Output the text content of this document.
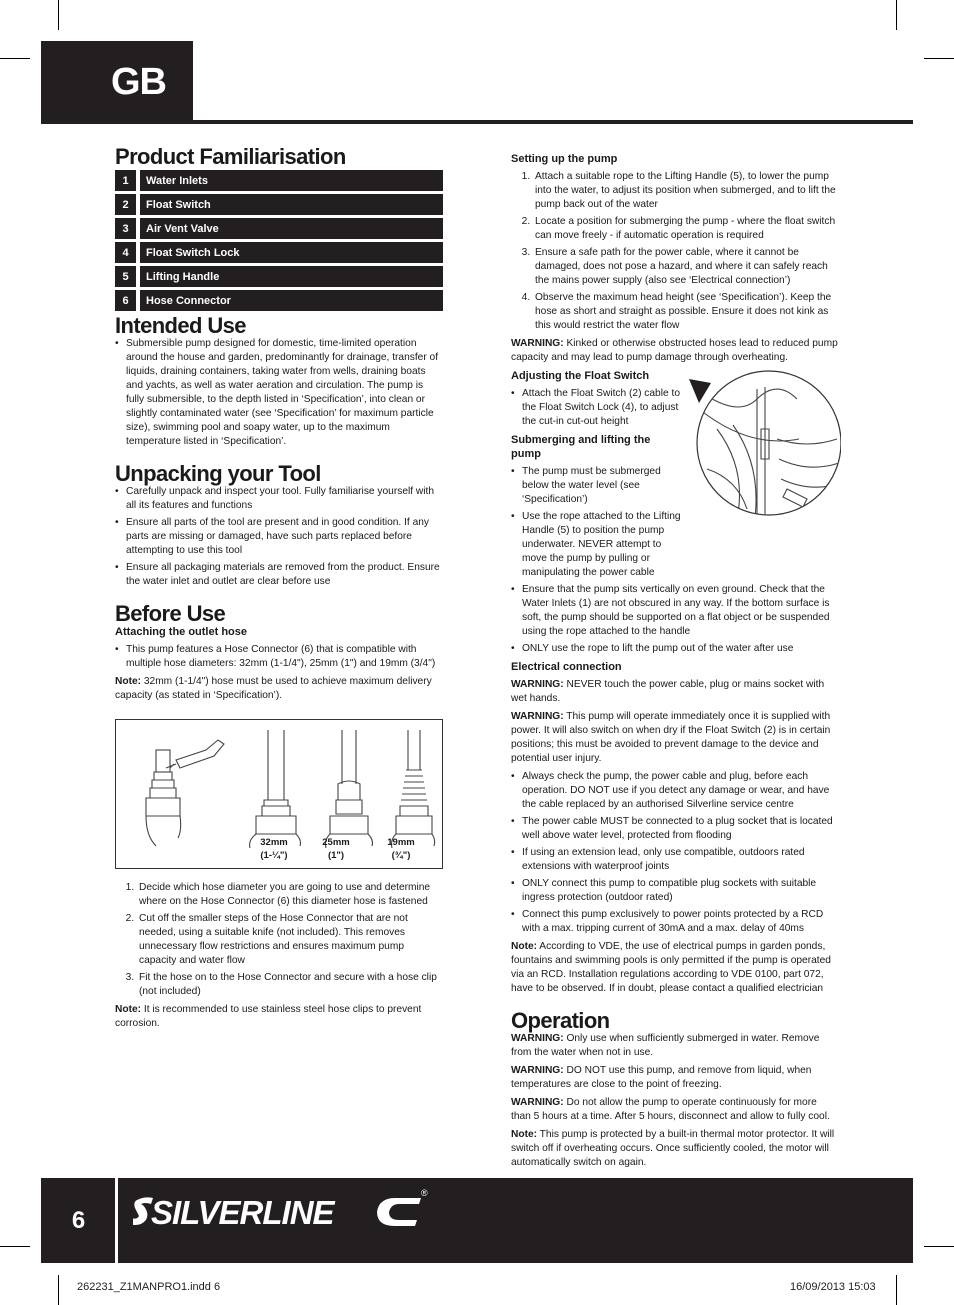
GB
Product Familiarisation
1	Water Inlets
2	Float Switch
3	Air Vent Valve
4	Float Switch Lock
5	Lifting Handle
6	Hose Connector
Intended Use
• Submersible pump designed for domestic, time-limited operation around the house and garden, predominantly for drainage, transfer of liquids, draining containers, taking water from wells, draining boats and yachts, as well as water aeration and circulation. The pump is fully submersible, to the depth listed in ‘Specification’, into clean or slightly contaminated water (see ‘Specification’ for maximum particle size), swimming pool and soapy water, up to the maximum temperature listed in ‘Specification’.
Unpacking your Tool
• Carefully unpack and inspect your tool. Fully familiarise yourself with all its features and functions
• Ensure all parts of the tool are present and in good condition. If any parts are missing or damaged, have such parts replaced before attempting to use this tool
• Ensure all packaging materials are removed from the product. Ensure the water inlet and outlet are clear before use
Before Use
Attaching the outlet hose
• This pump features a Hose Connector (6) that is compatible with multiple hose diameters: 32mm (1-1/4"), 25mm (1") and 19mm (3/4")

Note: 32mm (1-1/4") hose must be used to achieve maximum delivery capacity (as stated in ‘Specification’).

32mm
(1-¼")
25mm
(1")
19mm
(¾")
1. Decide which hose diameter you are going to use and determine where on the Hose Connector (6) this diameter hose is fastened
2. Cut off the smaller steps of the Hose Connector that are not needed, using a suitable knife (not included). This removes unnecessary flow restrictions and ensures maximum pump capacity and water flow
3. Fit the hose on to the Hose Connector and secure with a hose clip (not included)

Note: It is recommended to use stainless steel hose clips to prevent corrosion.

Setting up the pump
1. Attach a suitable rope to the Lifting Handle (5), to lower the pump into the water, to adjust its position when submerged, and to lift the pump back out of the water
2. Locate a position for submerging the pump - where the float switch can move freely - if automatic operation is required
3. Ensure a safe path for the power cable, where it cannot be damaged, does not pose a hazard, and where it can safely reach the mains power supply (also see ‘Electrical connection’)
4. Observe the maximum head height (see ‘Specification’). Keep the hose as short and straight as possible. Ensure it does not kink as this would restrict the water flow

WARNING: Kinked or otherwise obstructed hoses lead to reduced pump capacity and may lead to pump damage through overheating.

Adjusting the Float Switch
• Attach the Float Switch (2) cable to the Float Switch Lock (4), to adjust the cut-in cut-out height
Submerging and lifting the pump
• The pump must be submerged below the water level (see ‘Specification’)
• Use the rope attached to the Lifting Handle (5) to position the pump underwater. NEVER attempt to move the pump by pulling or manipulating the power cable
• Ensure that the pump sits vertically on even ground. Check that the Water Inlets (1) are not obscured in any way. If the bottom surface is soft, the pump should be supported on a flat object or be suspended using the rope attached to the handle
• ONLY use the rope to lift the pump out of the water after use
Electrical connection

WARNING: NEVER touch the power cable, plug or mains socket with wet hands.

WARNING: This pump will operate immediately once it is supplied with power. It will also switch on when dry if the Float Switch (2) is in certain positions; this must be avoided to prevent damage to the device and potential user injury.

• Always check the pump, the power cable and plug, before each operation. DO NOT use if you detect any damage or wear, and have the cable replaced by an authorised Silverline service centre
• The power cable MUST be connected to a plug socket that is located well above water level, protected from flooding
• If using an extension lead, only use compatible, outdoors rated extensions with waterproof joints
• ONLY connect this pump to compatible plug sockets with suitable ingress protection (outdoor rated)
• Connect this pump exclusively to power points protected by a RCD with a max. tripping current of 30mA and a max. delay of 40ms

Note: According to VDE, the use of electrical pumps in garden ponds, fountains and swimming pools is only permitted if the pump is operated via an RCD. Installation regulations according to VDE 0100, part 072, have to be observed. If in doubt, please contact a qualified electrician

Operation

WARNING: Only use when sufficiently submerged in water. Remove from the water when not in use.

WARNING: DO NOT use this pump, and remove from liquid, when temperatures are close to the point of freezing.

WARNING: Do not allow the pump to operate continuously for more than 5 hours at a time. After 5 hours, disconnect and allow to fully cool.

Note: This pump is protected by a built-in thermal motor protector. It will switch off if overheating occurs. Once sufficiently cooled, the motor will automatically switch on again.

6	SILVERLINE
®
262231_Z1MANPRO1.indd 6	16/09/2013 15:03
